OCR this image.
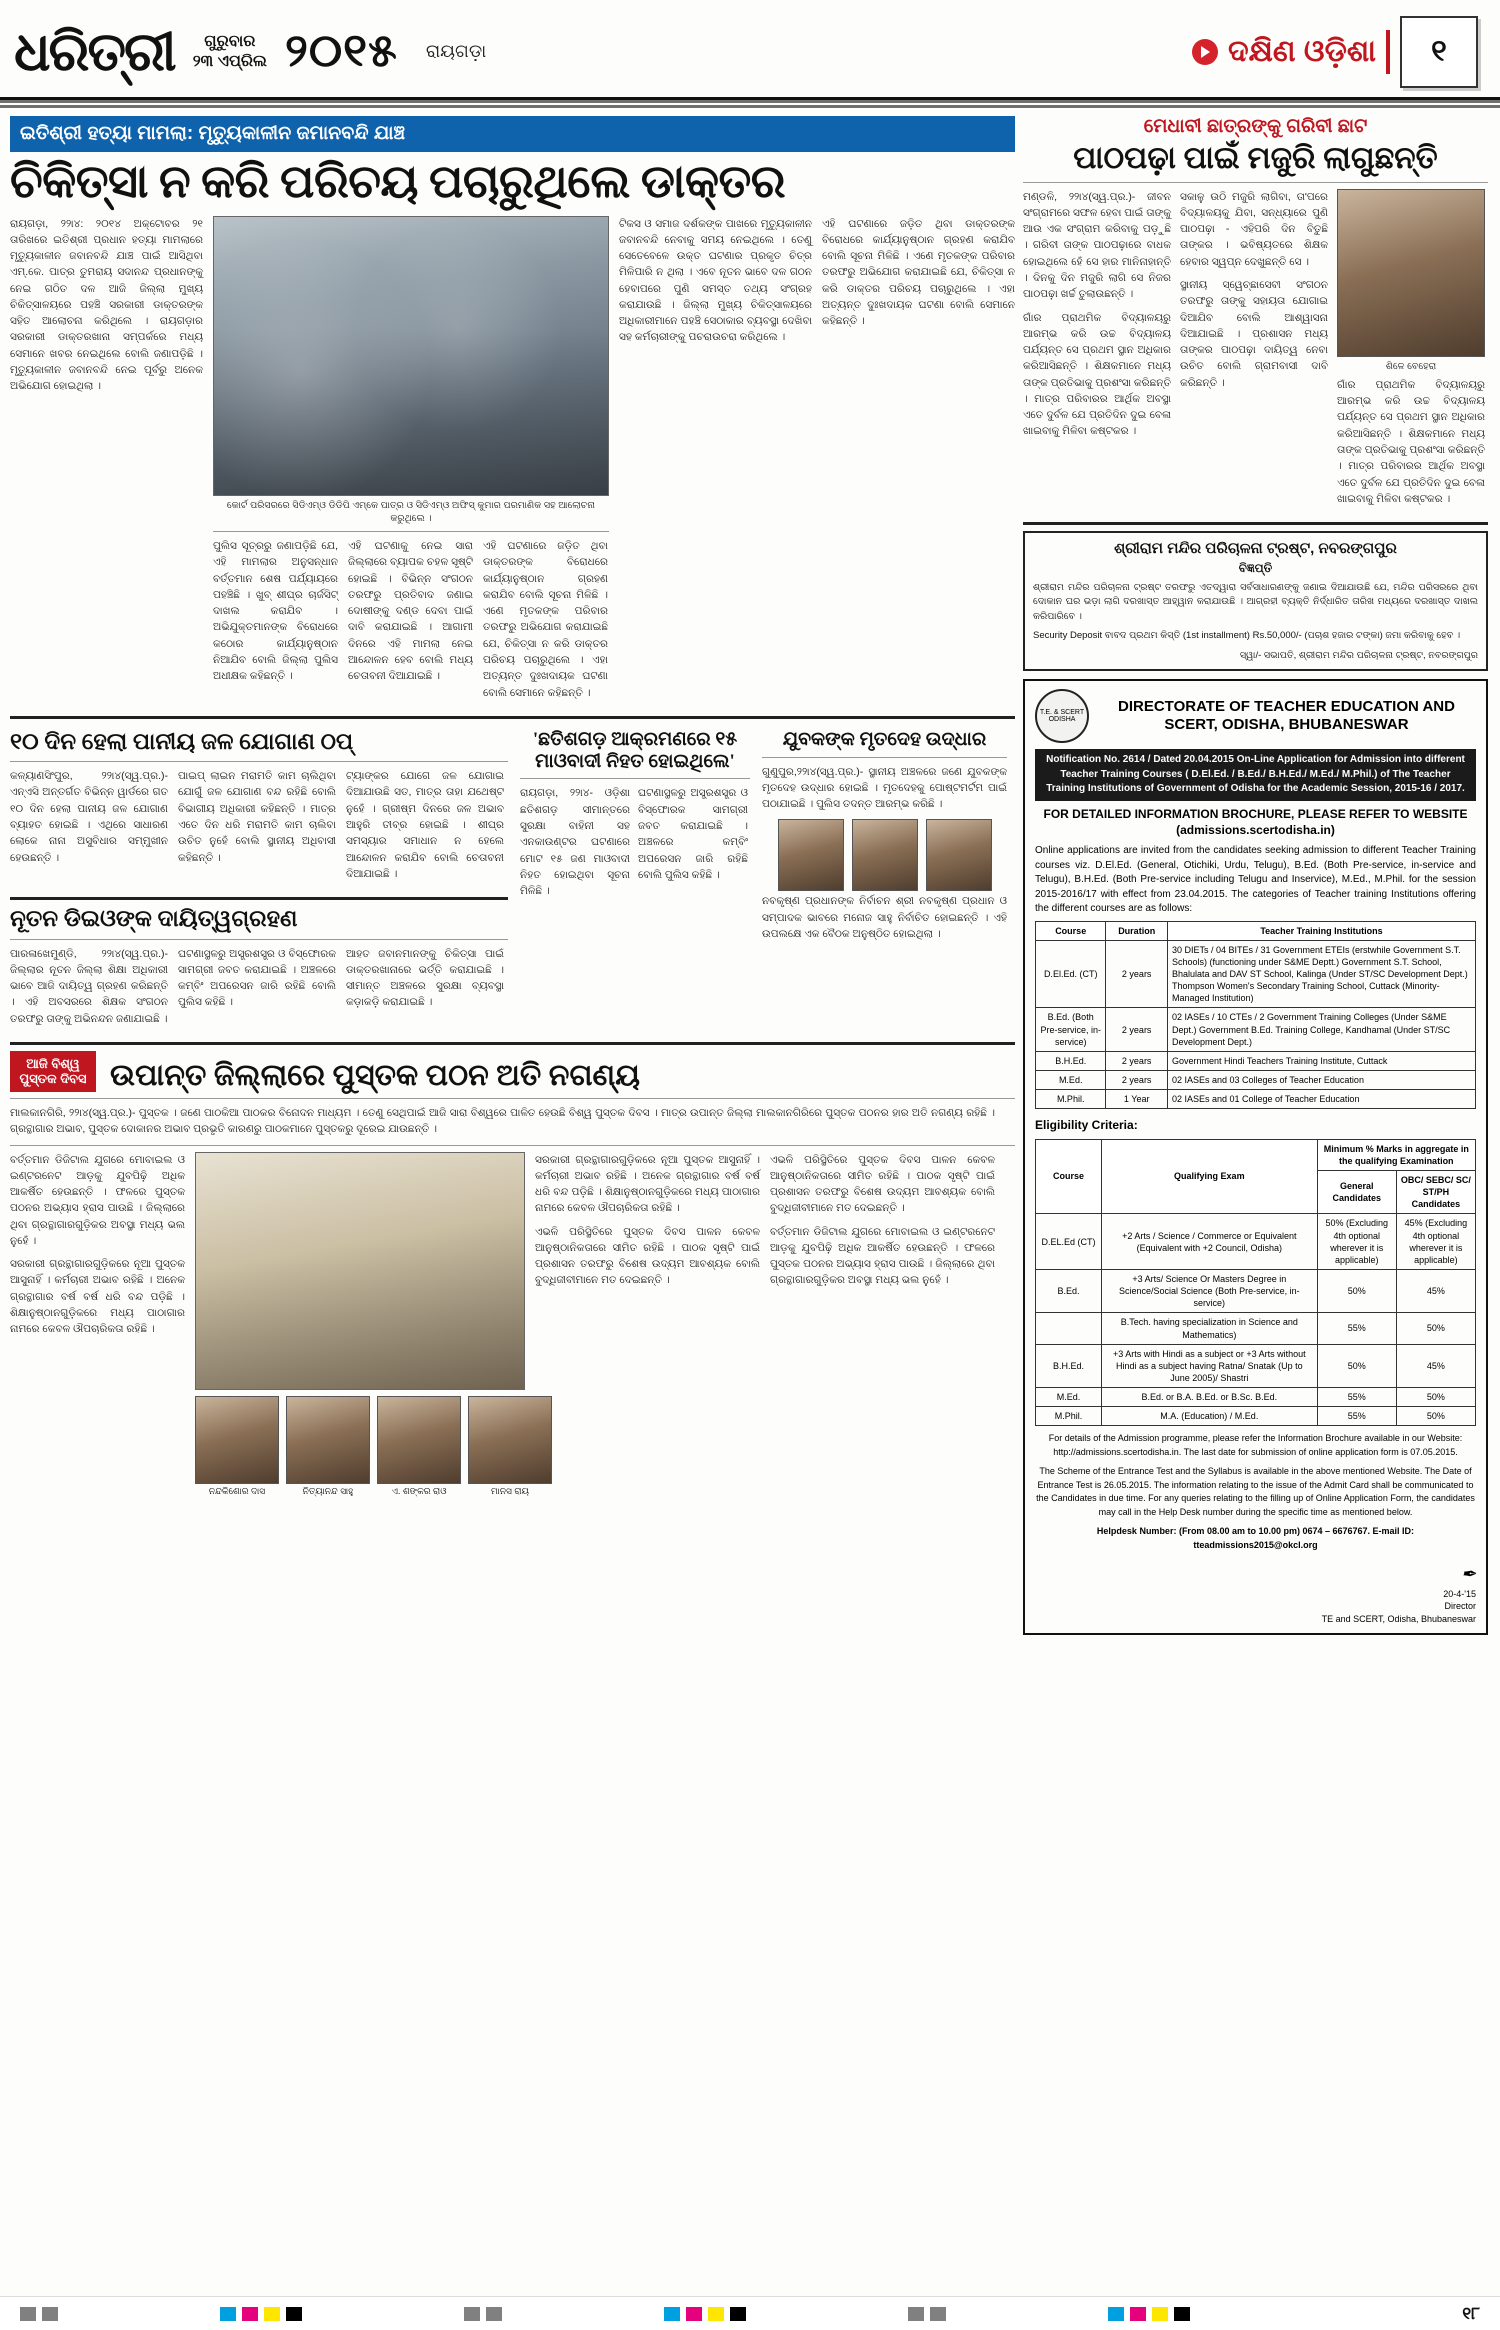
ଧରିତ୍ରୀ	ଗୁରୁବାର
୨୩ ଏପ୍ରିଲ ୨୦୧୫ ରାୟଗଡ଼ା	ଦକ୍ଷିଣ ଓଡ଼ିଶା ୧
ଇତିଶ୍ରୀ ହତ୍ୟା ମାମଲା: ମୃତ୍ୟୁକାଳୀନ ଜମାନବନ୍ଦି ଯାଞ୍ଚ
ଚିକିତ୍ସା ନ କରି ପରିଚୟ ପଚାରୁଥିଲେ ଡାକ୍ତର

ରାୟଗଡ଼ା, ୨୨ା୪: ୨୦୧୪ ଅକ୍ଟୋବର ୨୧ ତାରିଖରେ ଇତିଶ୍ରୀ ପ୍ରଧାନ ହତ୍ୟା ମାମଲାରେ ମୃତ୍ୟୁକାଳୀନ ଜବାନବନ୍ଦି ଯାଞ୍ଚ ପାଇଁ ଆସିଥିବା ଏମ୍.କେ. ପାତ୍ର ତୁମରାୟ ସଦାନନ୍ଦ ପ୍ରଧାନଙ୍କୁ ନେଇ ଗଠିତ ଦଳ ଆଜି ଜିଲ୍ଲା ମୁଖ୍ୟ ଚିକିତ୍ସାଳୟରେ ପହଞ୍ଚି ସରକାରୀ ଡାକ୍ତରଙ୍କ ସହିତ ଆଲୋଚନା କରିଥିଲେ । ରାୟଗଡ଼ାର ସରକାରୀ ଡାକ୍ତରଖାନା ସମ୍ପର୍କରେ ମଧ୍ୟ ସେମାନେ ଖବର ନେଇଥିଲେ ବୋଲି ଜଣାପଡ଼ିଛି । ମୃତ୍ୟୁକାଳୀନ ଜବାନବନ୍ଦି ନେଇ ପୂର୍ବରୁ ଅନେକ ଅଭିଯୋଗ ହୋଇଥିଲା ।

କୋର୍ଟ ପରିସରରେ ସିଡିଏମ୍ଓ ଡିଡିପି ଏମ୍କେ ପାତ୍ର ଓ ସିଡିଏମ୍ଓ ଅଫିସ୍ କୁମାର ପରମାଣିକ ସହ ଆଲୋଚନା କରୁଥିଲେ ।

ପୁଲିସ ସୂତ୍ରରୁ ଜଣାପଡ଼ିଛି ଯେ, ଏହି ମାମଲାର ଅନୁସନ୍ଧାନ ବର୍ତ୍ତମାନ ଶେଷ ପର୍ଯ୍ୟାୟରେ ପହଞ୍ଚିଛି । ଖୁବ୍ ଶୀଘ୍ର ଚାର୍ଜସିଟ୍ ଦାଖଲ କରାଯିବ । ଅଭିଯୁକ୍ତମାନଙ୍କ ବିରୋଧରେ କଠୋର କାର୍ଯ୍ୟାନୁଷ୍ଠାନ ନିଆଯିବ ବୋଲି ଜିଲ୍ଲା ପୁଲିସ ଅଧୀକ୍ଷକ କହିଛନ୍ତି ।

ଏହି ଘଟଣାକୁ ନେଇ ସାରା ଜିଲ୍ଲାରେ ବ୍ୟାପକ ଚହଳ ସୃଷ୍ଟି ହୋଇଛି । ବିଭିନ୍ନ ସଂଗଠନ ତରଫରୁ ପ୍ରତିବାଦ ଜଣାଇ ଦୋଷୀଙ୍କୁ ଦଣ୍ଡ ଦେବା ପାଇଁ ଦାବି କରାଯାଇଛି । ଆଗାମୀ ଦିନରେ ଏହି ମାମଲା ନେଇ ଆନ୍ଦୋଳନ ହେବ ବୋଲି ମଧ୍ୟ ଚେତାବନୀ ଦିଆଯାଇଛି ।

ଏହି ଘଟଣାରେ ଜଡ଼ିତ ଥିବା ଡାକ୍ତରଙ୍କ ବିରୋଧରେ କାର୍ଯ୍ୟାନୁଷ୍ଠାନ ଗ୍ରହଣ କରାଯିବ ବୋଲି ସୂଚନା ମିଳିଛି । ଏଣେ ମୃତକଙ୍କ ପରିବାର ତରଫରୁ ଅଭିଯୋଗ କରାଯାଇଛି ଯେ, ଚିକିତ୍ସା ନ କରି ଡାକ୍ତର ପରିଚୟ ପଚାରୁଥିଲେ । ଏହା ଅତ୍ୟନ୍ତ ଦୁଃଖଦାୟକ ଘଟଣା ବୋଲି ସେମାନେ କହିଛନ୍ତି ।

ଟିକସ ଓ ସମାଜ ଦର୍ଶକଙ୍କ ପାଖରେ ମୃତ୍ୟୁକାଳୀନ ଜବାନବନ୍ଦି ନେବାକୁ ସମୟ ନେଇଥିଲେ । ତେଣୁ ସେତେବେଳେ ଉକ୍ତ ଘଟଣାର ପ୍ରକୃତ ଚିତ୍ର ମିଳିପାରି ନ ଥିଲା । ଏବେ ନୂତନ ଭାବେ ଦଳ ଗଠନ ହେବାପରେ ପୁଣି ସମସ୍ତ ତଥ୍ୟ ସଂଗ୍ରହ କରାଯାଉଛି । ଜିଲ୍ଲା ମୁଖ୍ୟ ଚିକିତ୍ସାଳୟରେ ଅଧିକାରୀମାନେ ପହଞ୍ଚି ସେଠାକାର ବ୍ୟବସ୍ଥା ଦେଖିବା ସହ କର୍ମଚାରୀଙ୍କୁ ପଚରାଉଚରା କରିଥିଲେ ।

ଏହି ଘଟଣାରେ ଜଡ଼ିତ ଥିବା ଡାକ୍ତରଙ୍କ ବିରୋଧରେ କାର୍ଯ୍ୟାନୁଷ୍ଠାନ ଗ୍ରହଣ କରାଯିବ ବୋଲି ସୂଚନା ମିଳିଛି । ଏଣେ ମୃତକଙ୍କ ପରିବାର ତରଫରୁ ଅଭିଯୋଗ କରାଯାଇଛି ଯେ, ଚିକିତ୍ସା ନ କରି ଡାକ୍ତର ପରିଚୟ ପଚାରୁଥିଲେ । ଏହା ଅତ୍ୟନ୍ତ ଦୁଃଖଦାୟକ ଘଟଣା ବୋଲି ସେମାନେ କହିଛନ୍ତି ।

୧୦ ଦିନ ହେଲା ପାନୀୟ ଜଳ ଯୋଗାଣ ଠପ୍

କଳ୍ୟାଣସିଂପୁର, ୨୨ା୪(ସ୍ୱ.ପ୍ର.)- ଏନ୍ଏସି ଅନ୍ତର୍ଗତ ବିଭିନ୍ନ ୱାର୍ଡରେ ଗତ ୧୦ ଦିନ ହେଲା ପାନୀୟ ଜଳ ଯୋଗାଣ ବ୍ୟାହତ ହୋଇଛି । ଏଥିରେ ସାଧାରଣ ଲୋକେ ନାନା ଅସୁବିଧାର ସମ୍ମୁଖୀନ ହେଉଛନ୍ତି ।

ପାଇପ୍ ଲାଇନ ମରାମତି କାମ ଚାଲିଥିବା ଯୋଗୁଁ ଜଳ ଯୋଗାଣ ବନ୍ଦ ରହିଛି ବୋଲି ବିଭାଗୀୟ ଅଧିକାରୀ କହିଛନ୍ତି । ମାତ୍ର ଏତେ ଦିନ ଧରି ମରାମତି କାମ ଚାଲିବା ଉଚିତ ନୁହେଁ ବୋଲି ସ୍ଥାନୀୟ ଅଧିବାସୀ କହିଛନ୍ତି ।

ଟ୍ୟାଙ୍କର ଯୋଗେ ଜଳ ଯୋଗାଇ ଦିଆଯାଉଛି ସତ, ମାତ୍ର ତାହା ଯଥେଷ୍ଟ ନୁହେଁ । ଗ୍ରୀଷ୍ମ ଦିନରେ ଜଳ ଅଭାବ ଆହୁରି ତୀବ୍ର ହୋଇଛି । ଶୀଘ୍ର ସମସ୍ୟାର ସମାଧାନ ନ ହେଲେ ଆନ୍ଦୋଳନ କରାଯିବ ବୋଲି ଚେତାବନୀ ଦିଆଯାଇଛି ।

ନୂତନ ଡିଇଓଙ୍କ ଦାୟିତ୍ୱଗ୍ରହଣ

ପାରଳାଖେମୁଣ୍ଡି, ୨୨ା୪(ସ୍ୱ.ପ୍ର.)-ଜିଲ୍ଲାର ନୂତନ ଜିଲ୍ଲା ଶିକ୍ଷା ଅଧିକାରୀ ଭାବେ ଆଜି ଦାୟିତ୍ୱ ଗ୍ରହଣ କରିଛନ୍ତି । ଏହି ଅବସରରେ ଶିକ୍ଷକ ସଂଗଠନ ତରଫରୁ ତାଙ୍କୁ ଅଭିନନ୍ଦନ ଜଣାଯାଇଛି ।

ଘଟଣାସ୍ଥଳରୁ ଅସ୍ତ୍ରଶସ୍ତ୍ର ଓ ବିସ୍ଫୋରକ ସାମଗ୍ରୀ ଜବତ କରାଯାଇଛି । ଅଞ୍ଚଳରେ କମ୍ବିଂ ଅପରେସନ ଜାରି ରହିଛି ବୋଲି ପୁଲିସ କହିଛି ।

ଆହତ ଜବାନମାନଙ୍କୁ ଚିକିତ୍ସା ପାଇଁ ଡାକ୍ତରଖାନାରେ ଭର୍ତ୍ତି କରାଯାଇଛି । ସୀମାନ୍ତ ଅଞ୍ଚଳରେ ସୁରକ୍ଷା ବ୍ୟବସ୍ଥା କଡ଼ାକଡ଼ି କରାଯାଇଛି ।

'ଛତିଶଗଡ଼ ଆକ୍ରମଣରେ ୧୫ ମାଓବାଦୀ ନିହତ ହୋଇଥିଲେ'

ରାୟଗଡ଼ା, ୨୨ା୪- ଓଡ଼ିଶା ଛତିଶଗଡ଼ ସୀମାନ୍ତରେ ସୁରକ୍ଷା ବାହିନୀ ସହ ଏନକାଉଣ୍ଟର ଘଟଣାରେ ମୋଟ ୧୫ ଜଣ ମାଓବାଦୀ ନିହତ ହୋଇଥିବା ସୂଚନା ମିଳିଛି ।

ଘଟଣାସ୍ଥଳରୁ ଅସ୍ତ୍ରଶସ୍ତ୍ର ଓ ବିସ୍ଫୋରକ ସାମଗ୍ରୀ ଜବତ କରାଯାଇଛି । ଅଞ୍ଚଳରେ କମ୍ବିଂ ଅପରେସନ ଜାରି ରହିଛି ବୋଲି ପୁଲିସ କହିଛି ।

ଯୁବକଙ୍କ ମୃତଦେହ ଉଦ୍ଧାର

ଗୁଣୁପୁର,୨୨ା୪(ସ୍ୱ.ପ୍ର.)- ସ୍ଥାନୀୟ ଅଞ୍ଚଳରେ ଜଣେ ଯୁବକଙ୍କ ମୃତଦେହ ଉଦ୍ଧାର ହୋଇଛି । ମୃତଦେହକୁ ପୋଷ୍ଟମର୍ଟମ ପାଇଁ ପଠାଯାଇଛି । ପୁଲିସ ତଦନ୍ତ ଆରମ୍ଭ କରିଛି ।

ନବକୃଷ୍ଣ ପ୍ରଧାନଙ୍କ ନିର୍ବାଚନ ଶ୍ରୀ ନବକୃଷ୍ଣ ପ୍ରଧାନ ଓ ସମ୍ପାଦକ ଭାବରେ ମନୋଜ ସାହୁ ନିର୍ବାଚିତ ହୋଇଛନ୍ତି । ଏହି ଉପଲକ୍ଷେ ଏକ ବୈଠକ ଅନୁଷ୍ଠିତ ହୋଇଥିଲା ।

ଆଜି ବିଶ୍ୱ ପୁସ୍ତକ ଦିବସ ଉପାନ୍ତ ଜିଲ୍ଲାରେ ପୁସ୍ତକ ପଠନ ଅତି ନଗଣ୍ୟ

ମାଲକାନଗିରି, ୨୨ା୪(ସ୍ୱ.ପ୍ର.)- ପୁସ୍ତକ । ଜଣେ ପାଠକିଆ ପାଠକର ବିନୋଦନ ମାଧ୍ୟମ । ତେଣୁ ସେଥିପାଇଁ ଆଜି ସାରା ବିଶ୍ୱରେ ପାଳିତ ହେଉଛି ବିଶ୍ୱ ପୁସ୍ତକ ଦିବସ । ମାତ୍ର ଉପାନ୍ତ ଜିଲ୍ଲା ମାଲକାନଗିରିରେ ପୁସ୍ତକ ପଠନର ହାର ଅତି ନଗଣ୍ୟ ରହିଛି । ଗ୍ରନ୍ଥାଗାର ଅଭାବ, ପୁସ୍ତକ ଦୋକାନର ଅଭାବ ପ୍ରଭୃତି କାରଣରୁ ପାଠକମାନେ ପୁସ୍ତକରୁ ଦୂରେଇ ଯାଉଛନ୍ତି ।

ବର୍ତ୍ତମାନ ଡିଜିଟାଲ ଯୁଗରେ ମୋବାଇଲ ଓ ଇଣ୍ଟରନେଟ ଆଡ଼କୁ ଯୁବପିଢ଼ି ଅଧିକ ଆକର୍ଷିତ ହେଉଛନ୍ତି । ଫଳରେ ପୁସ୍ତକ ପଠନର ଅଭ୍ୟାସ ହ୍ରାସ ପାଉଛି । ଜିଲ୍ଲାରେ ଥିବା ଗ୍ରନ୍ଥାଗାରଗୁଡ଼ିକର ଅବସ୍ଥା ମଧ୍ୟ ଭଲ ନୁହେଁ ।

ସରକାରୀ ଗ୍ରନ୍ଥାଗାରଗୁଡ଼ିକରେ ନୂଆ ପୁସ୍ତକ ଆସୁନାହିଁ । କର୍ମଚାରୀ ଅଭାବ ରହିଛି । ଅନେକ ଗ୍ରନ୍ଥାଗାର ବର୍ଷ ବର୍ଷ ଧରି ବନ୍ଦ ପଡ଼ିଛି । ଶିକ୍ଷାନୁଷ୍ଠାନଗୁଡ଼ିକରେ ମଧ୍ୟ ପାଠାଗାର ନାମରେ କେବଳ ଔପଚାରିକତା ରହିଛି ।

ନନ୍ଦକିଶୋର ଦାସ	ନିତ୍ୟାନନ୍ଦ ସାହୁ	ଏ. ଶଙ୍କର ରାଓ	ମାନସ ରାୟ

ସରକାରୀ ଗ୍ରନ୍ଥାଗାରଗୁଡ଼ିକରେ ନୂଆ ପୁସ୍ତକ ଆସୁନାହିଁ । କର୍ମଚାରୀ ଅଭାବ ରହିଛି । ଅନେକ ଗ୍ରନ୍ଥାଗାର ବର୍ଷ ବର୍ଷ ଧରି ବନ୍ଦ ପଡ଼ିଛି । ଶିକ୍ଷାନୁଷ୍ଠାନଗୁଡ଼ିକରେ ମଧ୍ୟ ପାଠାଗାର ନାମରେ କେବଳ ଔପଚାରିକତା ରହିଛି ।

ଏଭଳି ପରିସ୍ଥିତିରେ ପୁସ୍ତକ ଦିବସ ପାଳନ କେବଳ ଆନୁଷ୍ଠାନିକତାରେ ସୀମିତ ରହିଛି । ପାଠକ ସୃଷ୍ଟି ପାଇଁ ପ୍ରଶାସନ ତରଫରୁ ବିଶେଷ ଉଦ୍ୟମ ଆବଶ୍ୟକ ବୋଲି ବୁଦ୍ଧିଜୀବୀମାନେ ମତ ଦେଇଛନ୍ତି ।

ଏଭଳି ପରିସ୍ଥିତିରେ ପୁସ୍ତକ ଦିବସ ପାଳନ କେବଳ ଆନୁଷ୍ଠାନିକତାରେ ସୀମିତ ରହିଛି । ପାଠକ ସୃଷ୍ଟି ପାଇଁ ପ୍ରଶାସନ ତରଫରୁ ବିଶେଷ ଉଦ୍ୟମ ଆବଶ୍ୟକ ବୋଲି ବୁଦ୍ଧିଜୀବୀମାନେ ମତ ଦେଇଛନ୍ତି ।

ବର୍ତ୍ତମାନ ଡିଜିଟାଲ ଯୁଗରେ ମୋବାଇଲ ଓ ଇଣ୍ଟରନେଟ ଆଡ଼କୁ ଯୁବପିଢ଼ି ଅଧିକ ଆକର୍ଷିତ ହେଉଛନ୍ତି । ଫଳରେ ପୁସ୍ତକ ପଠନର ଅଭ୍ୟାସ ହ୍ରାସ ପାଉଛି । ଜିଲ୍ଲାରେ ଥିବା ଗ୍ରନ୍ଥାଗାରଗୁଡ଼ିକର ଅବସ୍ଥା ମଧ୍ୟ ଭଲ ନୁହେଁ ।

ମେଧାବୀ ଛାତ୍ରଙ୍କୁ ଗରିବୀ ଛାଟ
ପାଠପଢ଼ା ପାଇଁ ମଜୁରି ଲାଗୁଛନ୍ତି

ମଣ୍ଡଳି, ୨୨ା୪(ସ୍ୱ.ପ୍ର.)- ଜୀବନ ସଂଗ୍ରାମରେ ସଫଳ ହେବା ପାଇଁ ତାଙ୍କୁ ଆଉ ଏକ ସଂଗ୍ରାମ କରିବାକୁ ପଡ଼ୁଛି । ଗରିବୀ ତାଙ୍କ ପାଠପଢ଼ାରେ ବାଧକ ହୋଇଥିଲେ ହେଁ ସେ ହାର ମାନିନାହାନ୍ତି । ଦିନକୁ ଦିନ ମଜୁରି ଲାଗି ସେ ନିଜର ପାଠପଢ଼ା ଖର୍ଚ୍ଚ ତୁଲାଉଛନ୍ତି ।

ଗାଁର ପ୍ରାଥମିକ ବିଦ୍ୟାଳୟରୁ ଆରମ୍ଭ କରି ଉଚ୍ଚ ବିଦ୍ୟାଳୟ ପର୍ଯ୍ୟନ୍ତ ସେ ପ୍ରଥମ ସ୍ଥାନ ଅଧିକାର କରିଆସିଛନ୍ତି । ଶିକ୍ଷକମାନେ ମଧ୍ୟ ତାଙ୍କ ପ୍ରତିଭାକୁ ପ୍ରଶଂସା କରିଛନ୍ତି । ମାତ୍ର ପରିବାରର ଆର୍ଥିକ ଅବସ୍ଥା ଏତେ ଦୁର୍ବଳ ଯେ ପ୍ରତିଦିନ ଦୁଇ ବେଳା ଖାଇବାକୁ ମିଳିବା କଷ୍ଟକର ।

ସକାଳୁ ଉଠି ମଜୁରି ଲାଗିବା, ତା'ପରେ ବିଦ୍ୟାଳୟକୁ ଯିବା, ସନ୍ଧ୍ୟାରେ ପୁଣି ପାଠପଢ଼ା - ଏହିପରି ଦିନ ବିତୁଛି ତାଙ୍କର । ଭବିଷ୍ୟତରେ ଶିକ୍ଷକ ହେବାର ସ୍ୱପ୍ନ ଦେଖୁଛନ୍ତି ସେ ।

ସ୍ଥାନୀୟ ସ୍ୱେଚ୍ଛାସେବୀ ସଂଗଠନ ତରଫରୁ ତାଙ୍କୁ ସହାୟତା ଯୋଗାଇ ଦିଆଯିବ ବୋଲି ଆଶ୍ୱାସନା ଦିଆଯାଇଛି । ପ୍ରଶାସନ ମଧ୍ୟ ତାଙ୍କର ପାଠପଢ଼ା ଦାୟିତ୍ୱ ନେବା ଉଚିତ ବୋଲି ଗ୍ରାମବାସୀ ଦାବି କରିଛନ୍ତି ।

ଶିଳେ ବେହେରା

ଗାଁର ପ୍ରାଥମିକ ବିଦ୍ୟାଳୟରୁ ଆରମ୍ଭ କରି ଉଚ୍ଚ ବିଦ୍ୟାଳୟ ପର୍ଯ୍ୟନ୍ତ ସେ ପ୍ରଥମ ସ୍ଥାନ ଅଧିକାର କରିଆସିଛନ୍ତି । ଶିକ୍ଷକମାନେ ମଧ୍ୟ ତାଙ୍କ ପ୍ରତିଭାକୁ ପ୍ରଶଂସା କରିଛନ୍ତି । ମାତ୍ର ପରିବାରର ଆର୍ଥିକ ଅବସ୍ଥା ଏତେ ଦୁର୍ବଳ ଯେ ପ୍ରତିଦିନ ଦୁଇ ବେଳା ଖାଇବାକୁ ମିଳିବା କଷ୍ଟକର ।

ଶ୍ରୀରାମ ମନ୍ଦିର ପରିଚାଳନା ଟ୍ରଷ୍ଟ, ନବରଙ୍ଗପୁର
ବିଜ୍ଞପ୍ତି
ଶ୍ରୀରାମ ମନ୍ଦିର ପରିଚାଳନା ଟ୍ରଷ୍ଟ ତରଫରୁ ଏତଦ୍ୱାରା ସର୍ବସାଧାରଣଙ୍କୁ ଜଣାଇ ଦିଆଯାଉଛି ଯେ, ମନ୍ଦିର ପରିସରରେ ଥିବା ଦୋକାନ ଘର ଭଡ଼ା ଲାଗି ଦରଖାସ୍ତ ଆହ୍ୱାନ କରାଯାଉଛି । ଆଗ୍ରହୀ ବ୍ୟକ୍ତି ନିର୍ଦ୍ଧାରିତ ତାରିଖ ମଧ୍ୟରେ ଦରଖାସ୍ତ ଦାଖଲ କରିପାରିବେ ।
Security Deposit ବାବଦ ପ୍ରଥମ କିସ୍ତି (1st installment) Rs.50,000/- (ପଚାଶ ହଜାର ଟଙ୍କା) ଜମା କରିବାକୁ ହେବ ।
ସ୍ୱା/- ସଭାପତି, ଶ୍ରୀରାମ ମନ୍ଦିର ପରିଚାଳନା ଟ୍ରଷ୍ଟ, ନବରଙ୍ଗପୁର
T.E. & SCERT ODISHA
DIRECTORATE OF TEACHER EDUCATION AND SCERT, ODISHA, BHUBANESWAR
Notification No. 2614 / Dated 20.04.2015 On-Line Application for Admission into different Teacher Training Courses ( D.El.Ed. / B.Ed./ B.H.Ed./ M.Ed./ M.Phil.) of The Teacher Training Institutions of Government of Odisha for the Academic Session, 2015-16 / 2017.
FOR DETAILED INFORMATION BROCHURE, PLEASE REFER TO WEBSITE (admissions.scertodisha.in)
Online applications are invited from the candidates seeking admission to different Teacher Training courses viz. D.El.Ed. (General, Otichiki, Urdu, Telugu), B.Ed. (Both Pre-service, in-service and Telugu), B.H.Ed. (Both Pre-service including Telugu and Inservice), M.Ed., M.Phil. for the session 2015-2016/17 with effect from 23.04.2015. The categories of Teacher training Institutions offering the different courses are as follows:
Course	Duration	Teacher Training Institutions
D.El.Ed. (CT)	2 years	30 DIETs / 04 BITEs / 31 Government ETEIs (erstwhile Government S.T. Schools) (functioning under S&ME Deptt.) Government S.T. School, Bhalulata and DAV ST School, Kalinga (Under ST/SC Development Dept.) Thompson Women's Secondary Training School, Cuttack (Minority-Managed Institution)
B.Ed. (Both Pre-service, in-service)	2 years	02 IASEs / 10 CTEs / 2 Government Training Colleges (Under S&ME Dept.) Government B.Ed. Training College, Kandhamal (Under ST/SC Development Dept.)
B.H.Ed.	2 years	Government Hindi Teachers Training Institute, Cuttack
M.Ed.	2 years	02 IASEs and 03 Colleges of Teacher Education
M.Phil.	1 Year	02 IASEs and 01 College of Teacher Education
Eligibility Criteria:
Course	Qualifying Exam	Minimum % Marks in aggregate in the qualifying Examination	
		General Candidates	OBC/ SEBC/ SC/ ST/PH Candidates
D.EL.Ed (CT)	+2 Arts / Science / Commerce or Equivalent (Equivalent with +2 Council, Odisha)	50% (Excluding 4th optional wherever it is applicable)	45% (Excluding 4th optional wherever it is applicable)
B.Ed.	+3 Arts/ Science Or Masters Degree in Science/Social Science (Both Pre-service, in-service)	50%	45%
	B.Tech. having specialization in Science and Mathematics)	55%	50%
B.H.Ed.	+3 Arts with Hindi as a subject or +3 Arts without Hindi as a subject having Ratna/ Snatak (Up to June 2005)/ Shastri	50%	45%
M.Ed.	B.Ed. or B.A. B.Ed. or B.Sc. B.Ed.	55%	50%
M.Phil.	M.A. (Education) / M.Ed.	55%	50%
For details of the Admission programme, please refer the Information Brochure available in our Website: http://admissions.scertodisha.in. The last date for submission of online application form is 07.05.2015.
The Scheme of the Entrance Test and the Syllabus is available in the above mentioned Website. The Date of Entrance Test is 26.05.2015. The information relating to the issue of the Admit Card shall be communicated to the Candidates in due time. For any queries relating to the filling up of Online Application Form, the candidates may call in the Help Desk number during the specific time as mentioned below.
Helpdesk Number: (From 08.00 am to 10.00 pm) 0674 – 6676767. E-mail ID: tteadmissions2015@okcl.org
✒
20-4-'15
Director
TE and SCERT, Odisha, Bhubaneswar
୧୮
